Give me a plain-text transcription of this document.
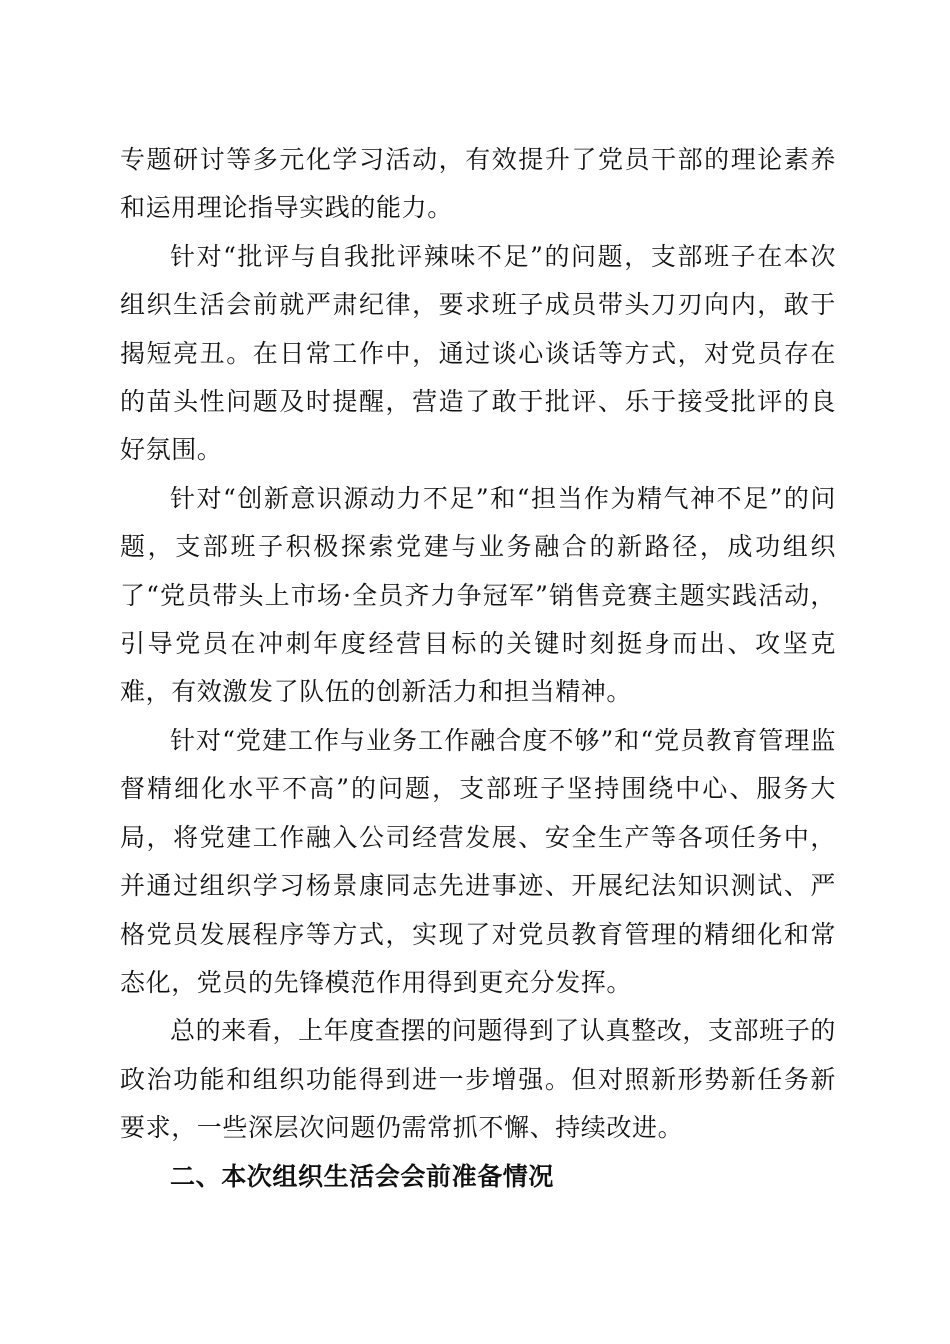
专题研讨等多元化学习活动，有效提升了党员干部的理论素养和运用理论指导实践的能力。

针对“批评与自我批评辣味不足”的问题，支部班子在本次组织生活会前就严肃纪律，要求班子成员带头刀刃向内，敢于揭短亮丑。在日常工作中，通过谈心谈话等方式，对党员存在的苗头性问题及时提醒，营造了敢于批评、乐于接受批评的良好氛围。

针对“创新意识源动力不足”和“担当作为精气神不足”的问题，支部班子积极探索党建与业务融合的新路径，成功组织了“党员带头上市场·全员齐力争冠军”销售竞赛主题实践活动，引导党员在冲刺年度经营目标的关键时刻挺身而出、攻坚克难，有效激发了队伍的创新活力和担当精神。

针对“党建工作与业务工作融合度不够”和“党员教育管理监督精细化水平不高”的问题，支部班子坚持围绕中心、服务大局，将党建工作融入公司经营发展、安全生产等各项任务中，并通过组织学习杨景康同志先进事迹、开展纪法知识测试、严格党员发展程序等方式，实现了对党员教育管理的精细化和常态化，党员的先锋模范作用得到更充分发挥。

总的来看，上年度查摆的问题得到了认真整改，支部班子的政治功能和组织功能得到进一步增强。但对照新形势新任务新要求，一些深层次问题仍需常抓不懈、持续改进。

二、本次组织生活会会前准备情况
